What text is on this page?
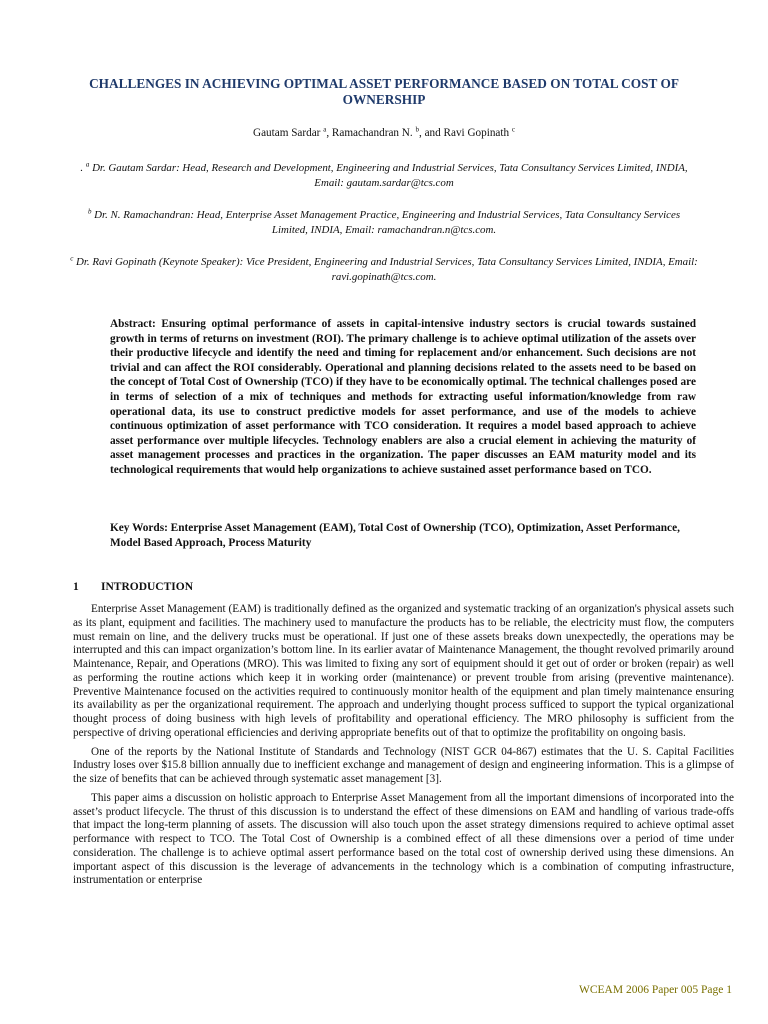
CHALLENGES IN ACHIEVING OPTIMAL ASSET PERFORMANCE BASED ON TOTAL COST OF OWNERSHIP
Gautam Sardar $^a$, Ramachandran N. $^b$, and Ravi Gopinath $^c$
. $^a$ Dr. Gautam Sardar: Head, Research and Development, Engineering and Industrial Services, Tata Consultancy Services Limited, INDIA, Email: gautam.sardar@tcs.com
$^b$ Dr. N. Ramachandran: Head, Enterprise Asset Management Practice, Engineering and Industrial Services, Tata Consultancy Services Limited, INDIA, Email: ramachandran.n@tcs.com.
$^c$ Dr. Ravi Gopinath (Keynote Speaker): Vice President, Engineering and Industrial Services, Tata Consultancy Services Limited, INDIA, Email: ravi.gopinath@tcs.com.
Abstract: Ensuring optimal performance of assets in capital-intensive industry sectors is crucial towards sustained growth in terms of returns on investment (ROI). The primary challenge is to achieve optimal utilization of the assets over their productive lifecycle and identify the need and timing for replacement and/or enhancement. Such decisions are not trivial and can affect the ROI considerably. Operational and planning decisions related to the assets need to be based on the concept of Total Cost of Ownership (TCO) if they have to be economically optimal. The technical challenges posed are in terms of selection of a mix of techniques and methods for extracting useful information/knowledge from raw operational data, its use to construct predictive models for asset performance, and use of the models to achieve continuous optimization of asset performance with TCO consideration. It requires a model based approach to achieve asset performance over multiple lifecycles. Technology enablers are also a crucial element in achieving the maturity of asset management processes and practices in the organization. The paper discusses an EAM maturity model and its technological requirements that would help organizations to achieve sustained asset performance based on TCO.
Key Words: Enterprise Asset Management (EAM), Total Cost of Ownership (TCO), Optimization, Asset Performance, Model Based Approach, Process Maturity
1 INTRODUCTION

Enterprise Asset Management (EAM) is traditionally defined as the organized and systematic tracking of an organization's physical assets such as its plant, equipment and facilities. The machinery used to manufacture the products has to be reliable, the electricity must flow, the computers must remain on line, and the delivery trucks must be operational. If just one of these assets breaks down unexpectedly, the operations may be interrupted and this can impact organization’s bottom line. In its earlier avatar of Maintenance Management, the thought revolved primarily around Maintenance, Repair, and Operations (MRO). This was limited to fixing any sort of equipment should it get out of order or broken (repair) as well as performing the routine actions which keep it in working order (maintenance) or prevent trouble from arising (preventive maintenance). Preventive Maintenance focused on the activities required to continuously monitor health of the equipment and plan timely maintenance ensuring its availability as per the organizational requirement. The approach and underlying thought process sufficed to support the typical organizational thought process of doing business with high levels of profitability and operational efficiency. The MRO philosophy is sufficient from the perspective of driving operational efficiencies and deriving appropriate benefits out of that to optimize the profitability on ongoing basis.

One of the reports by the National Institute of Standards and Technology (NIST GCR 04-867) estimates that the U. S. Capital Facilities Industry loses over $15.8 billion annually due to inefficient exchange and management of design and engineering information. This is a glimpse of the size of benefits that can be achieved through systematic asset management [3].

This paper aims a discussion on holistic approach to Enterprise Asset Management from all the important dimensions of incorporated into the asset’s product lifecycle. The thrust of this discussion is to understand the effect of these dimensions on EAM and handling of various trade-offs that impact the long-term planning of assets. The discussion will also touch upon the asset strategy dimensions required to achieve optimal asset performance with respect to TCO. The Total Cost of Ownership is a combined effect of all these dimensions over a period of time under consideration. The challenge is to achieve optimal assert performance based on the total cost of ownership derived using these dimensions. An important aspect of this discussion is the leverage of advancements in the technology which is a combination of computing infrastructure, instrumentation or enterprise

WCEAM 2006 Paper 005 Page 1
